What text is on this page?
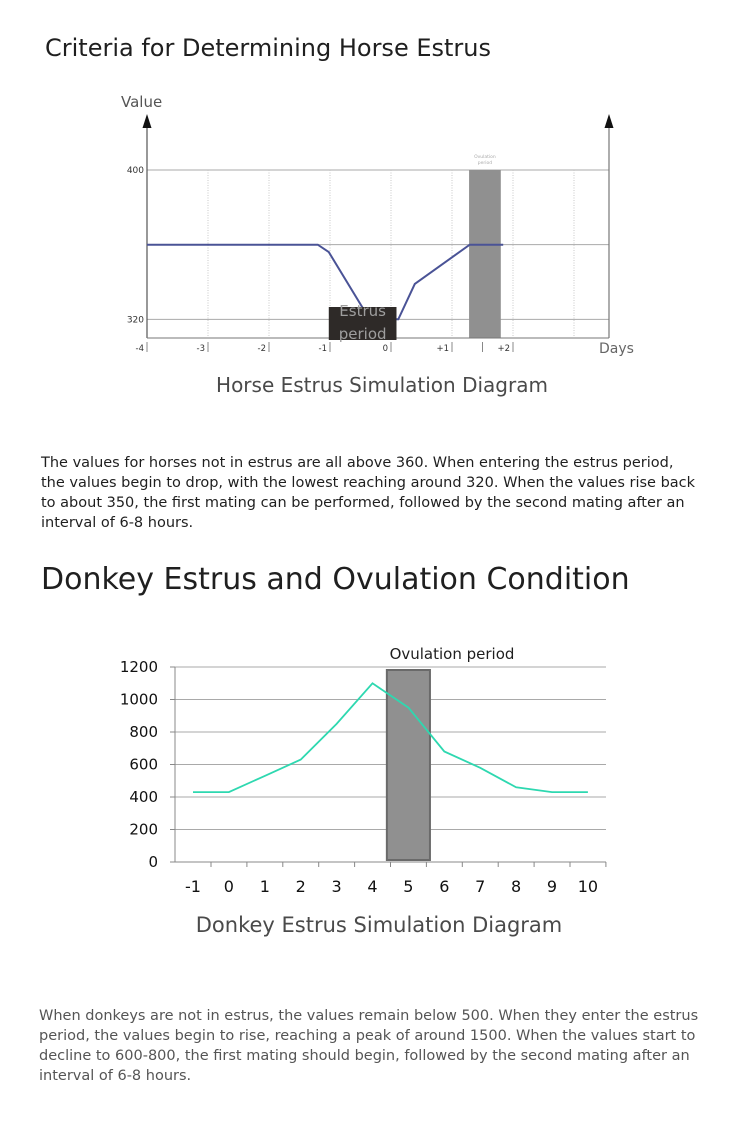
Criteria for Determining Horse Estrus
Ovulation
period
Estrus
period
-4	-3	-2	-1	0	+1	+2
400
320
Value
Days
Horse Estrus Simulation Diagram
The values for horses not in estrus are all above 360. When entering the estrus period, the values begin to drop, with the lowest reaching around 320. When the values rise back to about 350, the first mating can be performed, followed by the second mating after an interval of 6-8 hours.
Donkey Estrus and Ovulation Condition
Ovulation period
-1 0 1 2 3 4 5 6 7 8 9 10
1200
1000
800
600
400
200
0
Donkey Estrus Simulation Diagram
When donkeys are not in estrus, the values remain below 500. When they enter the estrus period, the values begin to rise, reaching a peak of around 1500. When the values start to decline to 600-800, the first mating should begin, followed by the second mating after an interval of 6-8 hours.
